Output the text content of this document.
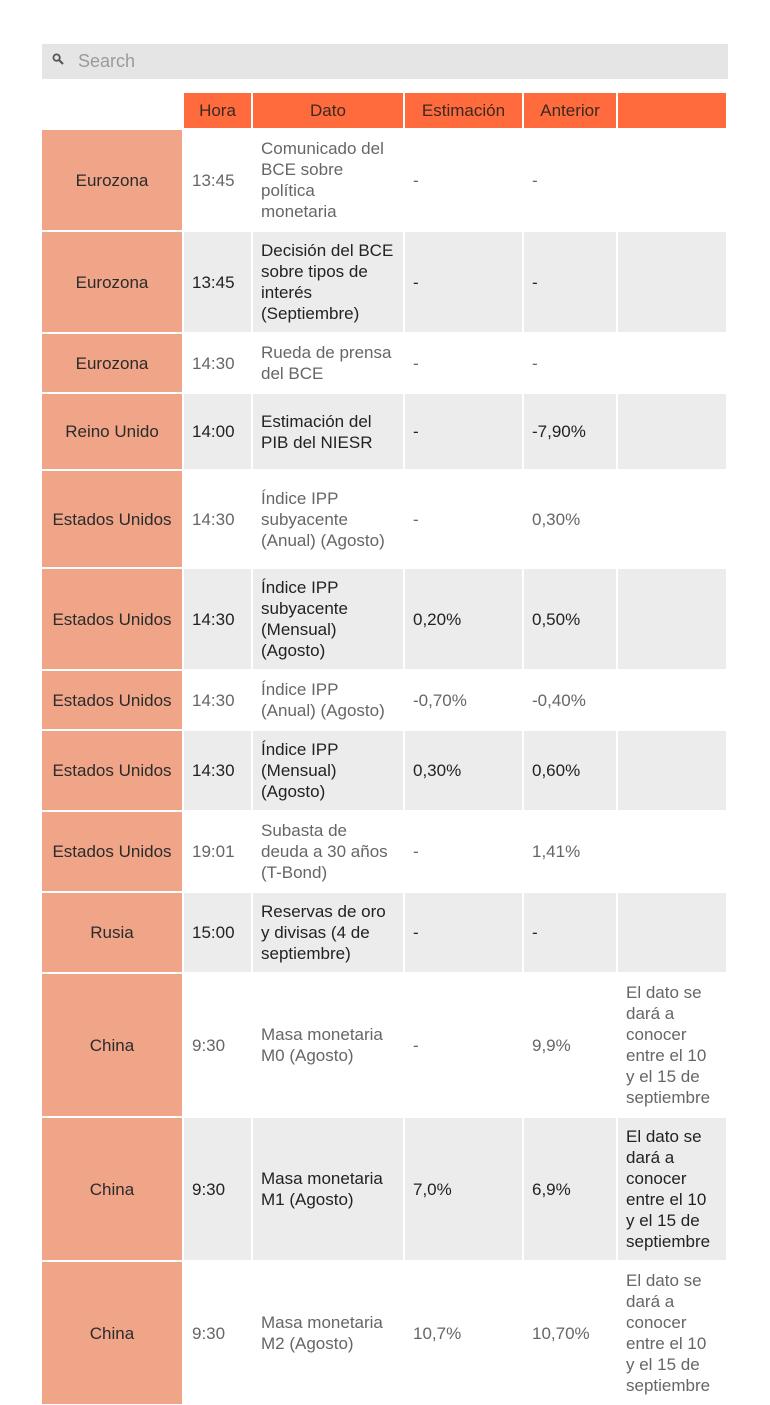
Search
	Hora	Dato	Estimación	Anterior	
Eurozona	13:45	Comunicado del BCE sobre política monetaria	-	-	
Eurozona	13:45	Decisión del BCE sobre tipos de interés (Septiembre)	-	-	
Eurozona	14:30	Rueda de prensa del BCE	-	-	
Reino Unido	14:00	Estimación del PIB del NIESR	-	-7,90%	
Estados Unidos	14:30	Índice IPP subyacente (Anual) (Agosto)	-	0,30%	
Estados Unidos	14:30	Índice IPP subyacente (Mensual) (Agosto)	0,20%	0,50%	
Estados Unidos	14:30	Índice IPP (Anual) (Agosto)	-0,70%	-0,40%	
Estados Unidos	14:30	Índice IPP (Mensual) (Agosto)	0,30%	0,60%	
Estados Unidos	19:01	Subasta de deuda a 30 años (T-Bond)	-	1,41%	
Rusia	15:00	Reservas de oro y divisas (4 de septiembre)	-	-	
China	9:30	Masa monetaria M0 (Agosto)	-	9,9%	El dato se dará a conocer entre el 10 y el 15 de septiembre
China	9:30	Masa monetaria M1 (Agosto)	7,0%	6,9%	El dato se dará a conocer entre el 10 y el 15 de septiembre
China	9:30	Masa monetaria M2 (Agosto)	10,7%	10,70%	El dato se dará a conocer entre el 10 y el 15 de septiembre
